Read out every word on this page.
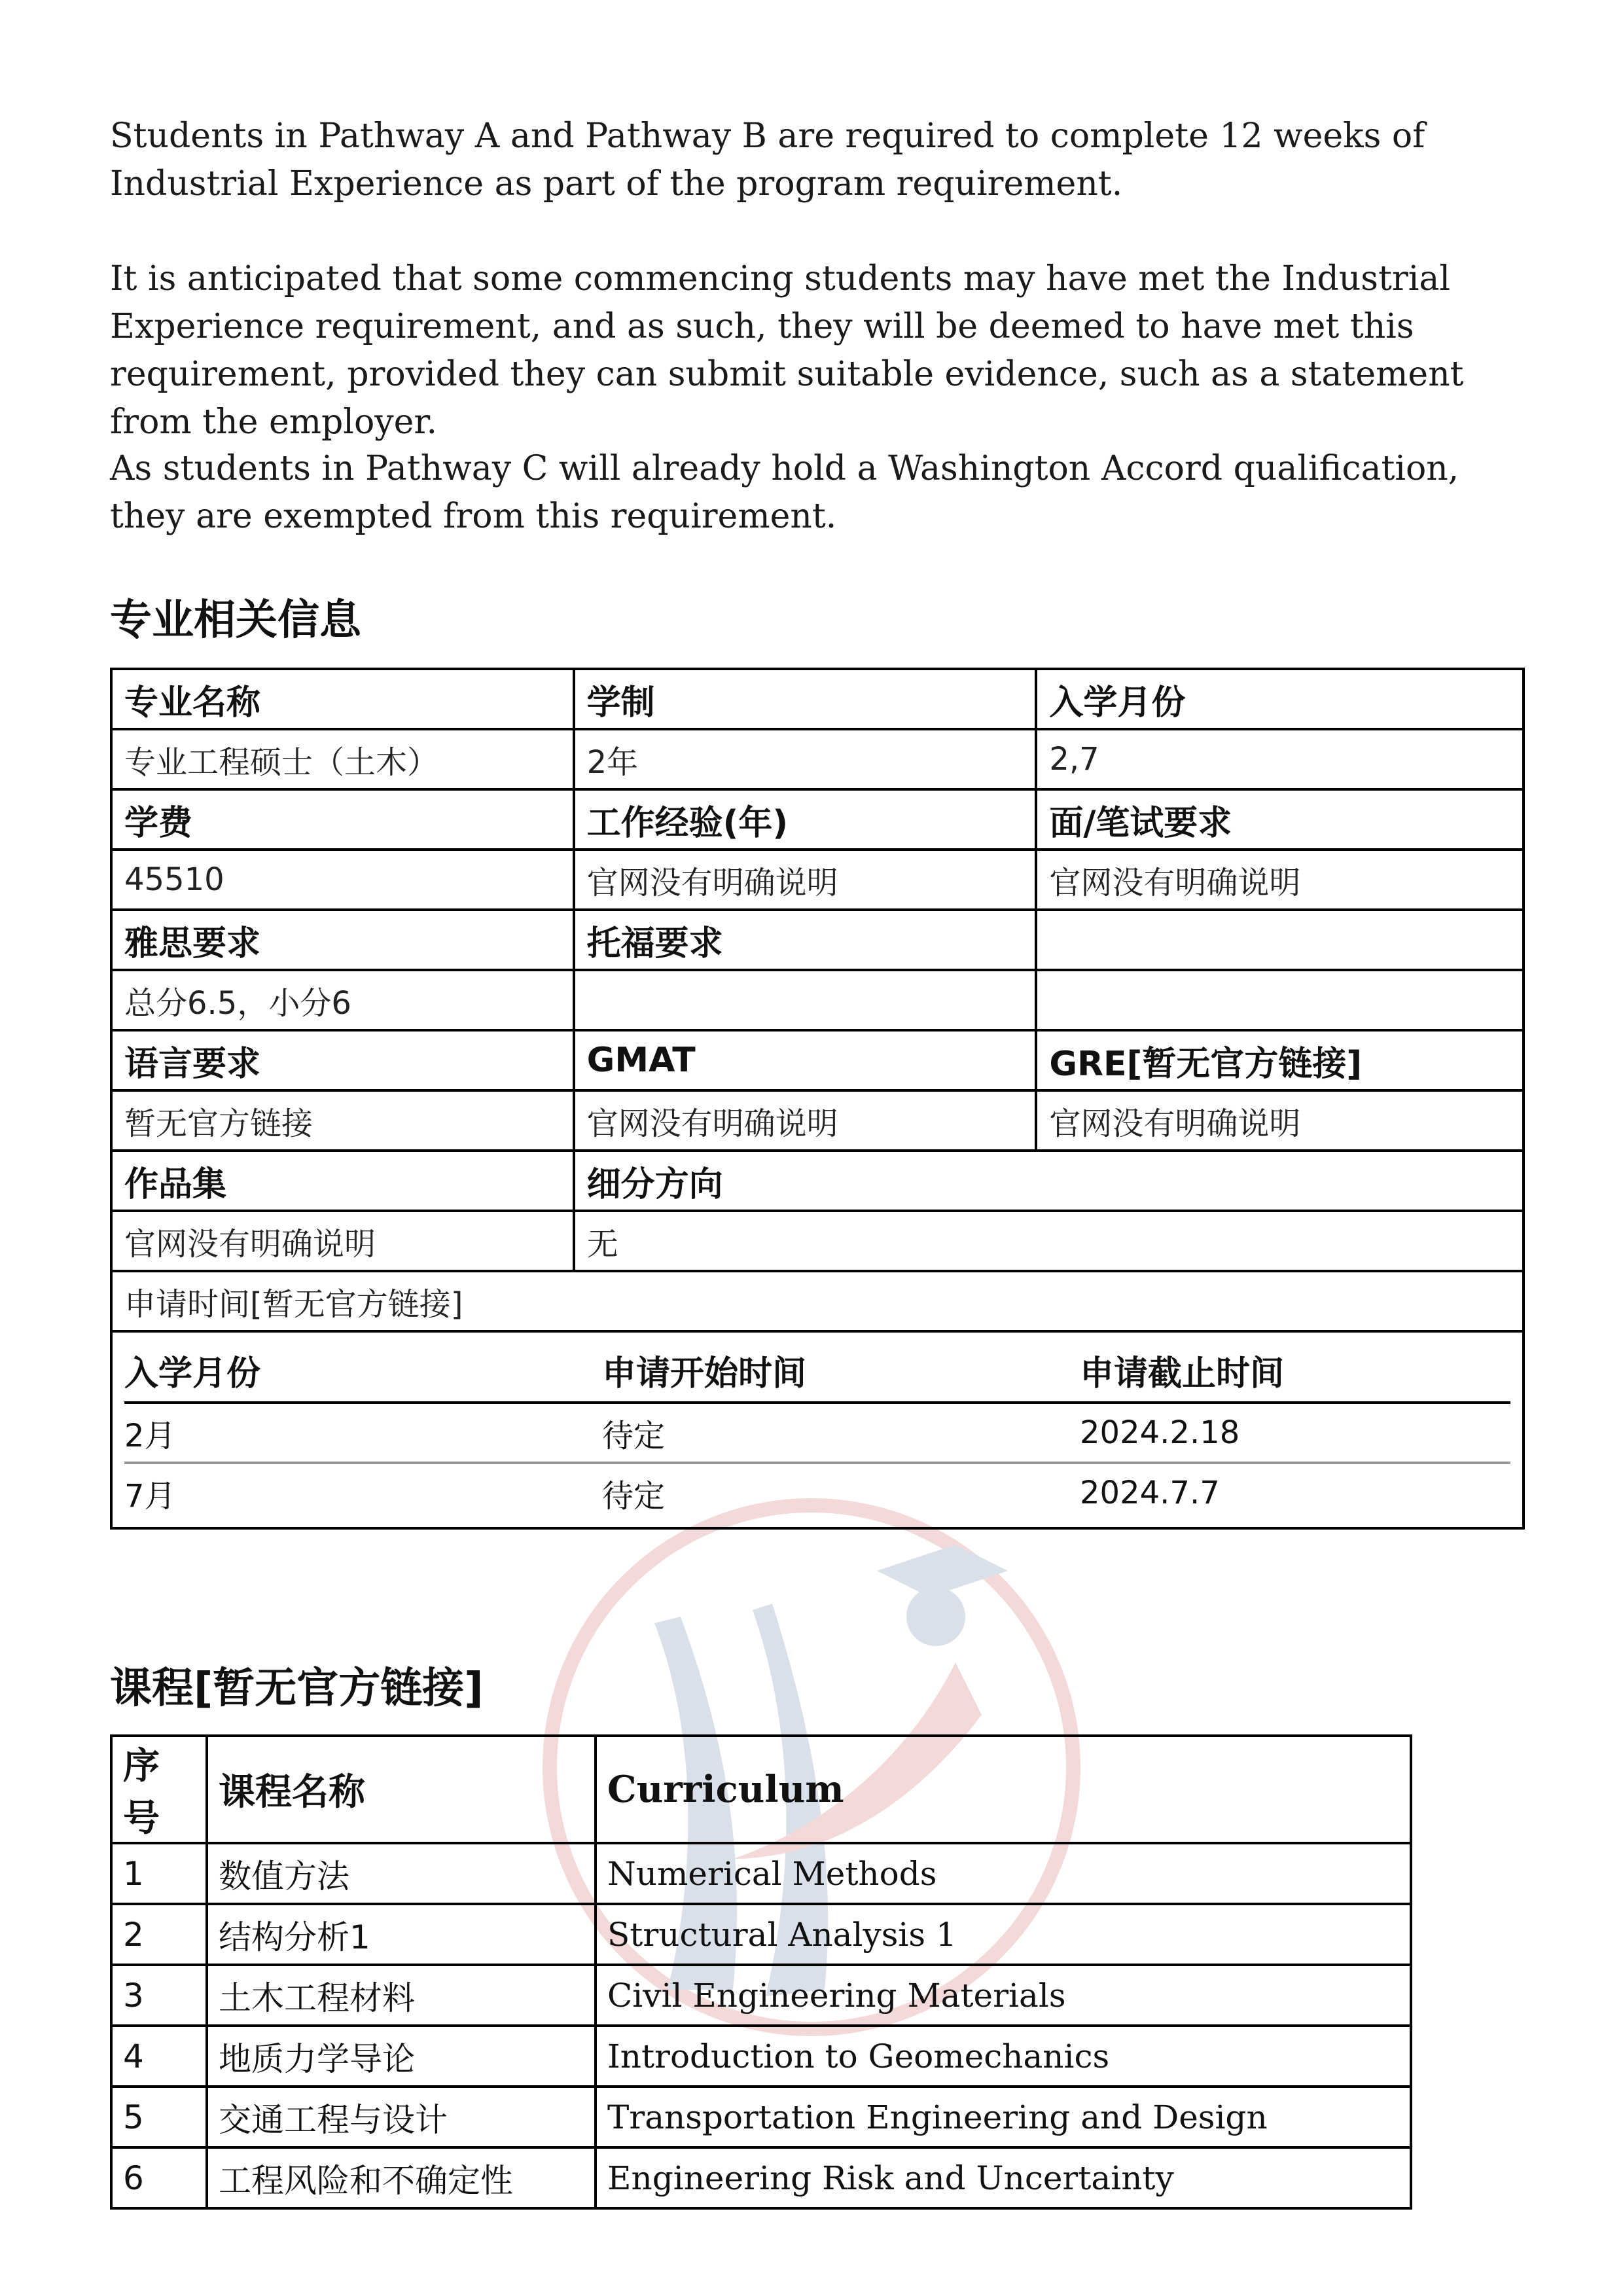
Students in Pathway A and Pathway B are required to complete 12 weeks of Industrial Experience as part of the program requirement.

It is anticipated that some commencing students may have met the Industrial Experience requirement, and as such, they will be deemed to have met this requirement, provided they can submit suitable evidence, such as a statement from the employer.

As students in Pathway C will already hold a Washington Accord qualification, they are exempted from this requirement.

专业相关信息
专业名称	学制	入学月份
专业工程硕士（土木）	2年	2,7
学费	工作经验(年)	面/笔试要求
45510	官网没有明确说明	官网没有明确说明
雅思要求	托福要求	
总分6.5，小分6		
语言要求	GMAT	GRE[暂无官方链接]
暂无官方链接	官网没有明确说明	官网没有明确说明
作品集	细分方向
官网没有明确说明	无
申请时间[暂无官方链接]

入学月份	申请开始时间	申请截止时间
2月	待定	2024.2.18
7月	待定	2024.7.7
课程[暂无官方链接]
序号	课程名称	Curriculum
1	数值方法	Numerical Methods
2	结构分析1	Structural Analysis 1
3	土木工程材料	Civil Engineering Materials
4	地质力学导论	Introduction to Geomechanics
5	交通工程与设计	Transportation Engineering and Design
6	工程风险和不确定性	Engineering Risk and Uncertainty
